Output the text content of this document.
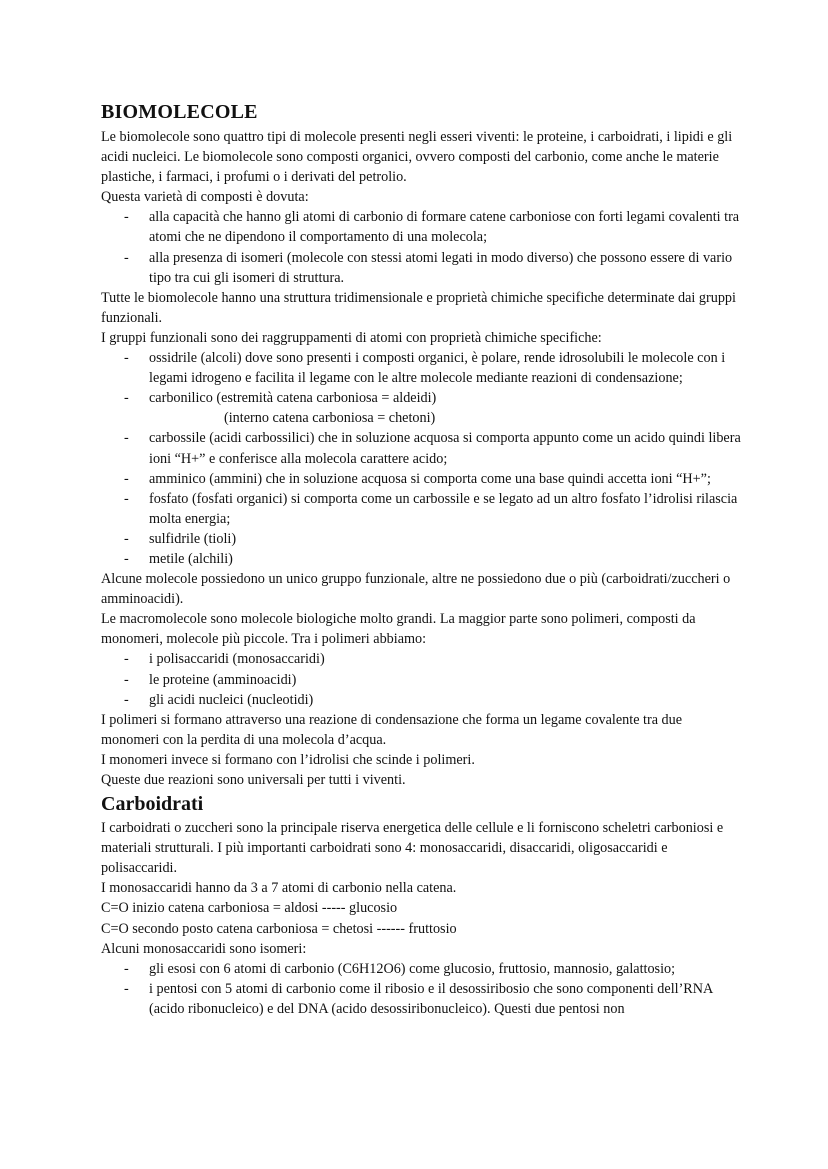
BIOMOLECOLE

Le biomolecole sono quattro tipi di molecole presenti negli esseri viventi: le proteine, i carboidrati, i lipidi e gli acidi nucleici. Le biomolecole sono composti organici, ovvero composti del carbonio, come anche le materie plastiche, i farmaci, i profumi o i derivati del petrolio.

Questa varietà di composti è dovuta:

- alla capacità che hanno gli atomi di carbonio di formare catene carboniose con forti legami covalenti tra atomi che ne dipendono il comportamento di una molecola;
- alla presenza di isomeri (molecole con stessi atomi legati in modo diverso) che possono essere di vario tipo tra cui gli isomeri di struttura.

Tutte le biomolecole hanno una struttura tridimensionale e proprietà chimiche specifiche determinate dai gruppi funzionali.

I gruppi funzionali sono dei raggruppamenti di atomi con proprietà chimiche specifiche:

- ossidrile (alcoli) dove sono presenti i composti organici, è polare, rende idrosolubili le molecole con i legami idrogeno e facilita il legame con le altre molecole mediante reazioni di condensazione;
- carbonilico (estremità catena carboniosa = aldeidi)
(interno catena carboniosa = chetoni)
- carbossile (acidi carbossilici) che in soluzione acquosa si comporta appunto come un acido quindi libera ioni “H+” e conferisce alla molecola carattere acido;
- amminico (ammini) che in soluzione acquosa si comporta come una base quindi accetta ioni “H+”;
- fosfato (fosfati organici) si comporta come un carbossile e se legato ad un altro fosfato l’idrolisi rilascia molta energia;
- sulfidrile (tioli)
- metile (alchili)

Alcune molecole possiedono un unico gruppo funzionale, altre ne possiedono due o più (carboidrati/zuccheri o amminoacidi).

Le macromolecole sono molecole biologiche molto grandi. La maggior parte sono polimeri, composti da monomeri, molecole più piccole. Tra i polimeri abbiamo:

- i polisaccaridi (monosaccaridi)
- le proteine (amminoacidi)
- gli acidi nucleici (nucleotidi)

I polimeri si formano attraverso una reazione di condensazione che forma un legame covalente tra due monomeri con la perdita di una molecola d’acqua.

I monomeri invece si formano con l’idrolisi che scinde i polimeri.

Queste due reazioni sono universali per tutti i viventi.

Carboidrati

I carboidrati o zuccheri sono la principale riserva energetica delle cellule e li forniscono scheletri carboniosi e materiali strutturali. I più importanti carboidrati sono 4: monosaccaridi, disaccaridi, oligosaccaridi e polisaccaridi.

I monosaccaridi hanno da 3 a 7 atomi di carbonio nella catena.

C=O inizio catena carboniosa = aldosi ----- glucosio

C=O secondo posto catena carboniosa = chetosi ------ fruttosio

Alcuni monosaccaridi sono isomeri:

- gli esosi con 6 atomi di carbonio (C6H12O6) come glucosio, fruttosio, mannosio, galattosio;
- i pentosi con 5 atomi di carbonio come il ribosio e il desossiribosio che sono componenti dell’RNA (acido ribonucleico) e del DNA (acido desossiribonucleico). Questi due pentosi non
